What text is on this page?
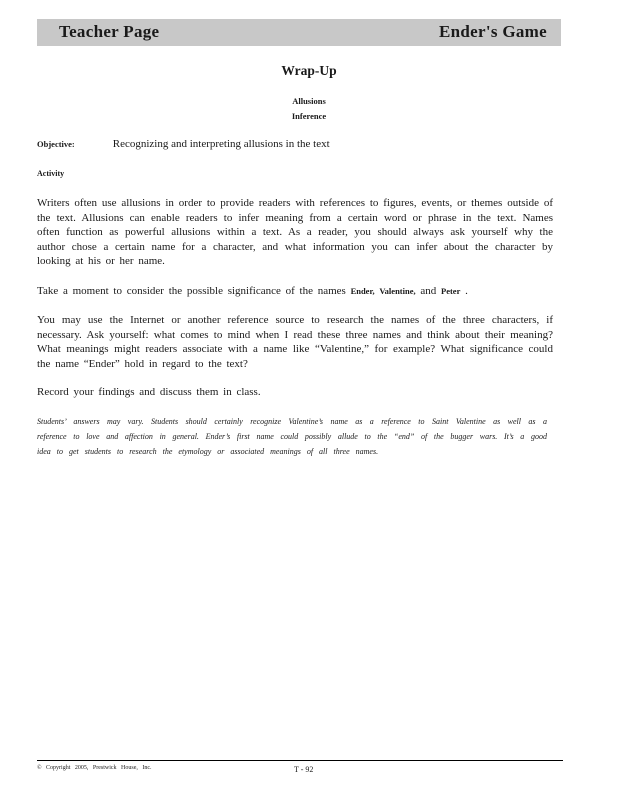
Teacher Page	Ender's Game
Wrap-Up
Allusions
Inference
Objective:	Recognizing and interpreting allusions in the text
Activity

Writers often use allusions in order to provide readers with references to figures, events, or themes outside of the text. Allusions can enable readers to infer meaning from a certain word or phrase in the text. Names often function as powerful allusions within a text. As a reader, you should always ask yourself why the author chose a certain name for a character, and what information you can infer about the character by looking at his or her name.

Take a moment to consider the possible significance of the names Ender, Valentine, and Peter .

You may use the Internet or another reference source to research the names of the three characters, if necessary. Ask yourself: what comes to mind when I read these three names and think about their meaning? What meanings might readers associate with a name like “Valentine,” for example? What significance could the name “Ender” hold in regard to the text?

Record your findings and discuss them in class.

Students’ answers may vary. Students should certainly recognize Valentine’s name as a reference to Saint Valentine as well as a reference to love and affection in general. Ender’s first name could possibly allude to the “end” of the bugger wars. It’s a good idea to get students to research the etymology or associated meanings of all three names.

© Copyright 2005, Prestwick House, Inc.	T - 92
